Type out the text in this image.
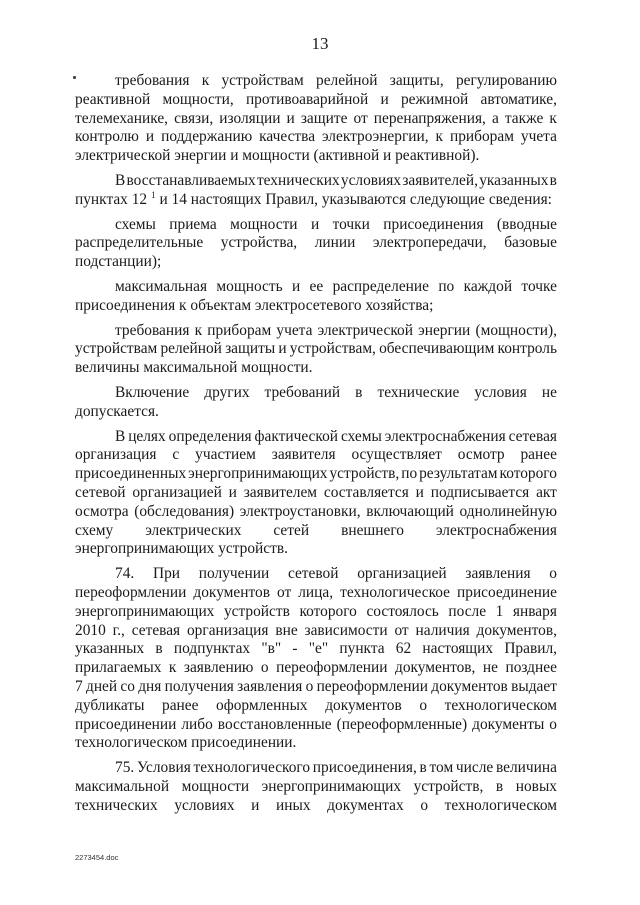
13
требования к устройствам релейной защиты, регулированию
реактивной мощности, противоаварийной и режимной автоматике,
телемеханике, связи, изоляции и защите от перенапряжения, а также к
контролю и поддержанию качества электроэнергии, к приборам учета
электрической энергии и мощности (активной и реактивной).
В восстанавливаемых технических условиях заявителей, указанных в
пунктах 12 $^1$ и 14 настоящих Правил, указываются следующие сведения:
схемы приема мощности и точки присоединения (вводные
распределительные устройства, линии электропередачи, базовые
подстанции);
максимальная мощность и ее распределение по каждой точке
присоединения к объектам электросетевого хозяйства;
требования к приборам учета электрической энергии (мощности),
устройствам релейной защиты и устройствам, обеспечивающим контроль
величины максимальной мощности.
Включение других требований в технические условия не
допускается.
В целях определения фактической схемы электроснабжения сетевая
организация с участием заявителя осуществляет осмотр ранее
присоединенных энергопринимающих устройств, по результатам которого
сетевой организацией и заявителем составляется и подписывается акт
осмотра (обследования) электроустановки, включающий однолинейную
схему электрических сетей внешнего электроснабжения
энергопринимающих устройств.
74. При получении сетевой организацией заявления о
переоформлении документов от лица, технологическое присоединение
энергопринимающих устройств которого состоялось после 1 января
2010 г., сетевая организация вне зависимости от наличия документов,
указанных в подпунктах "в" - "е" пункта 62 настоящих Правил,
прилагаемых к заявлению о переоформлении документов, не позднее
7 дней со дня получения заявления о переоформлении документов выдает
дубликаты ранее оформленных документов о технологическом
присоединении либо восстановленные (переоформленные) документы о
технологическом присоединении.
75. Условия технологического присоединения, в том числе величина
максимальной мощности энергопринимающих устройств, в новых
технических условиях и иных документах о технологическом
2273454.doc
